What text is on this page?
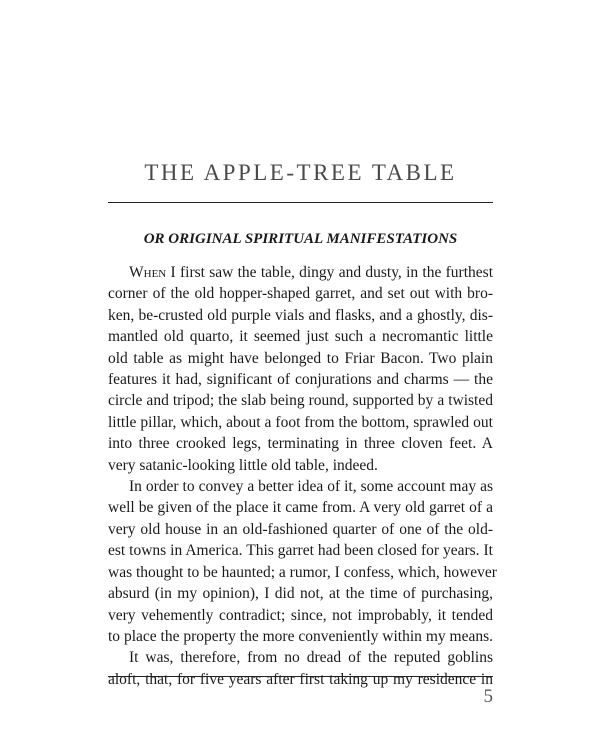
THE APPLE-TREE TABLE
OR ORIGINAL SPIRITUAL MANIFESTATIONS

When I first saw the table, dingy and dusty, in the furthest
corner of the old hopper-shaped garret, and set out with bro-
ken, be-crusted old purple vials and flasks, and a ghostly, dis-
mantled old quarto, it seemed just such a necromantic little
old table as might have belonged to Friar Bacon. Two plain
features it had, significant of conjurations and charms — the
circle and tripod; the slab being round, supported by a twisted
little pillar, which, about a foot from the bottom, sprawled out
into three crooked legs, terminating in three cloven feet. A
very satanic-looking little old table, indeed.

In order to convey a better idea of it, some account may as
well be given of the place it came from. A very old garret of a
very old house in an old-fashioned quarter of one of the old-
est towns in America. This garret had been closed for years. It
was thought to be haunted; a rumor, I confess, which, however
absurd (in my opinion), I did not, at the time of purchasing,
very vehemently contradict; since, not improbably, it tended
to place the property the more conveniently within my means.

It was, therefore, from no dread of the reputed goblins
aloft, that, for five years after first taking up my residence in

5
